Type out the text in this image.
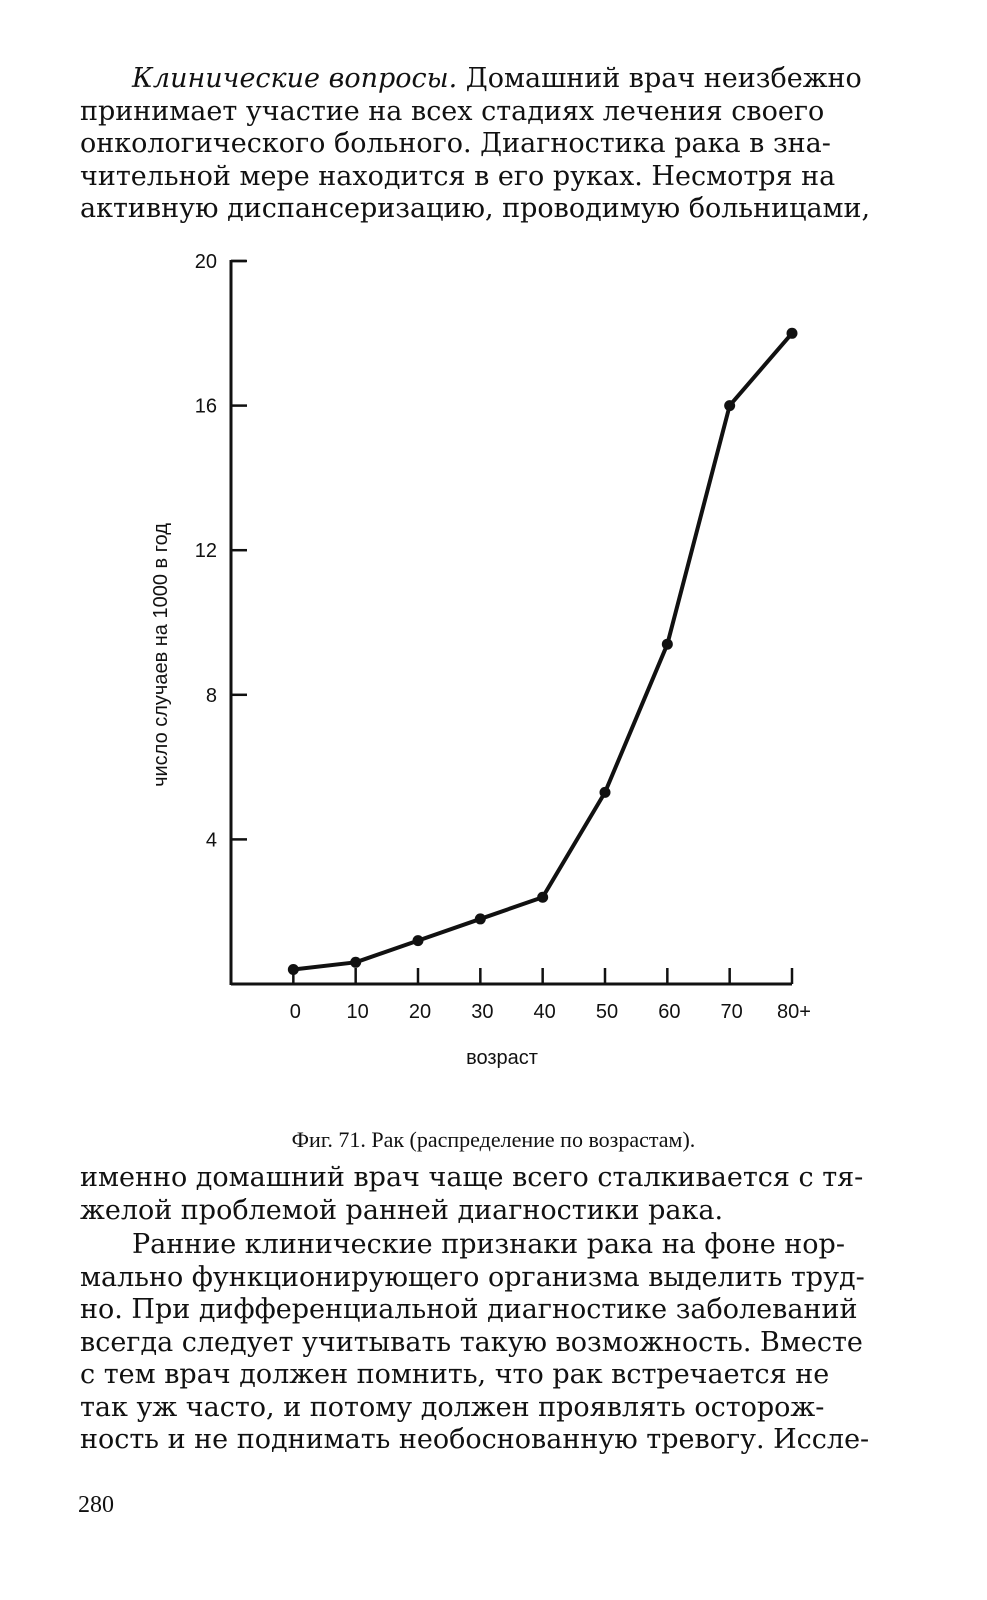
Клинические вопросы. Домашний врач неизбежно
принимает участие на всех стадиях лечения своего
онкологического больного. Диагностика рака в зна-
чительной мере находится в его руках. Несмотря на
активную диспансеризацию, проводимую больницами,
4
8
12
16
20
0 10 20 30 40 50 60 70 80+
число случаев на 1000 в год
возраст
Фиг. 71. Рак (распределение по возрастам).
именно домашний врач чаще всего сталкивается с тя-
желой проблемой ранней диагностики рака.
Ранние клинические признаки рака на фоне нор-
мально функционирующего организма выделить труд-
но. При дифференциальной диагностике заболеваний
всегда следует учитывать такую возможность. Вместе
с тем врач должен помнить, что рак встречается не
так уж часто, и потому должен проявлять осторож-
ность и не поднимать необоснованную тревогу. Иссле-
280
